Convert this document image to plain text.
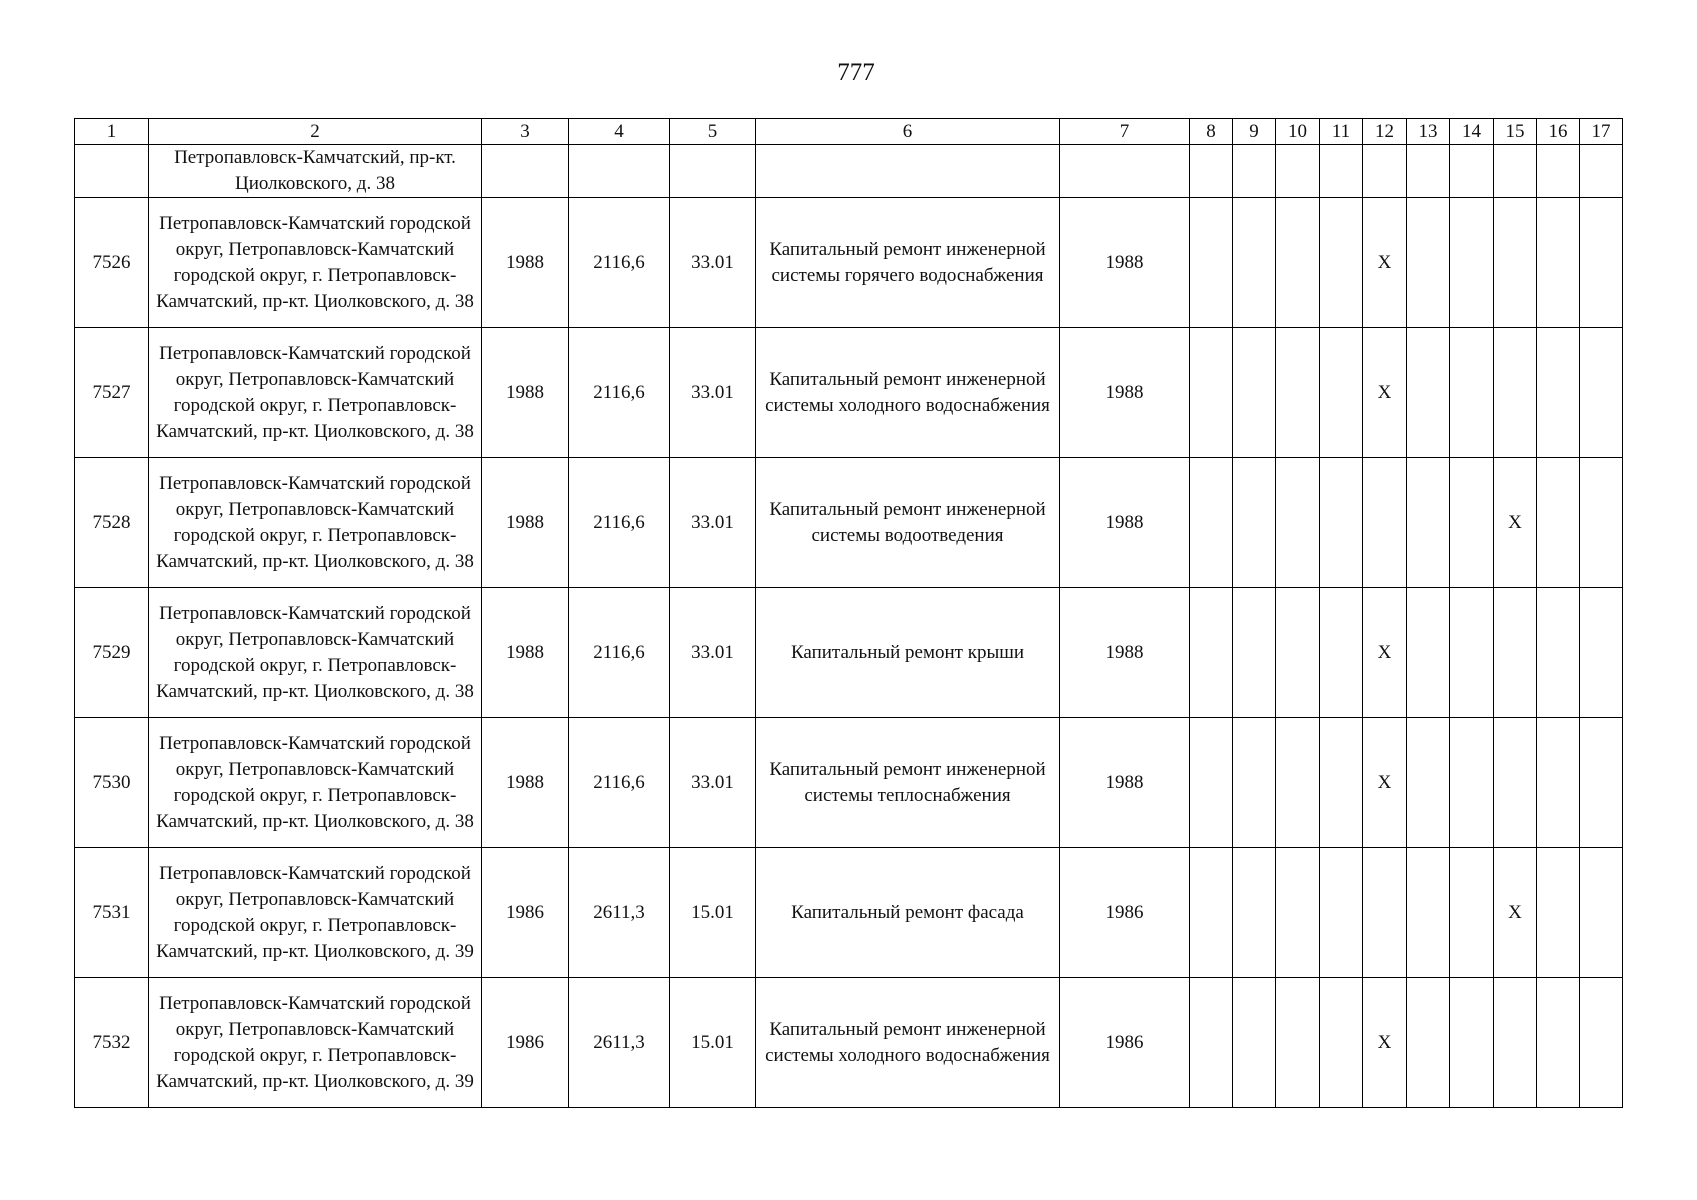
777
1	2	3	4	5	6	7	8	9	10	11	12	13	14	15	16	17
	Петропавловск-Камчатский, пр-кт. Циолковского, д. 38															
7526	Петропавловск-Камчатский городской округ, Петропавловск-Камчатский городской округ, г. Петропавловск-Камчатский, пр-кт. Циолковского, д. 38	1988	2116,6	33.01	Капитальный ремонт инженерной системы горячего водоснабжения	1988					X					
7527	Петропавловск-Камчатский городской округ, Петропавловск-Камчатский городской округ, г. Петропавловск-Камчатский, пр-кт. Циолковского, д. 38	1988	2116,6	33.01	Капитальный ремонт инженерной системы холодного водоснабжения	1988					X					
7528	Петропавловск-Камчатский городской округ, Петропавловск-Камчатский городской округ, г. Петропавловск-Камчатский, пр-кт. Циолковского, д. 38	1988	2116,6	33.01	Капитальный ремонт инженерной системы водоотведения	1988								X		
7529	Петропавловск-Камчатский городской округ, Петропавловск-Камчатский городской округ, г. Петропавловск-Камчатский, пр-кт. Циолковского, д. 38	1988	2116,6	33.01	Капитальный ремонт крыши	1988					X					
7530	Петропавловск-Камчатский городской округ, Петропавловск-Камчатский городской округ, г. Петропавловск-Камчатский, пр-кт. Циолковского, д. 38	1988	2116,6	33.01	Капитальный ремонт инженерной системы теплоснабжения	1988					X					
7531	Петропавловск-Камчатский городской округ, Петропавловск-Камчатский городской округ, г. Петропавловск-Камчатский, пр-кт. Циолковского, д. 39	1986	2611,3	15.01	Капитальный ремонт фасада	1986								X		
7532	Петропавловск-Камчатский городской округ, Петропавловск-Камчатский городской округ, г. Петропавловск-Камчатский, пр-кт. Циолковского, д. 39	1986	2611,3	15.01	Капитальный ремонт инженерной системы холодного водоснабжения	1986					X					
